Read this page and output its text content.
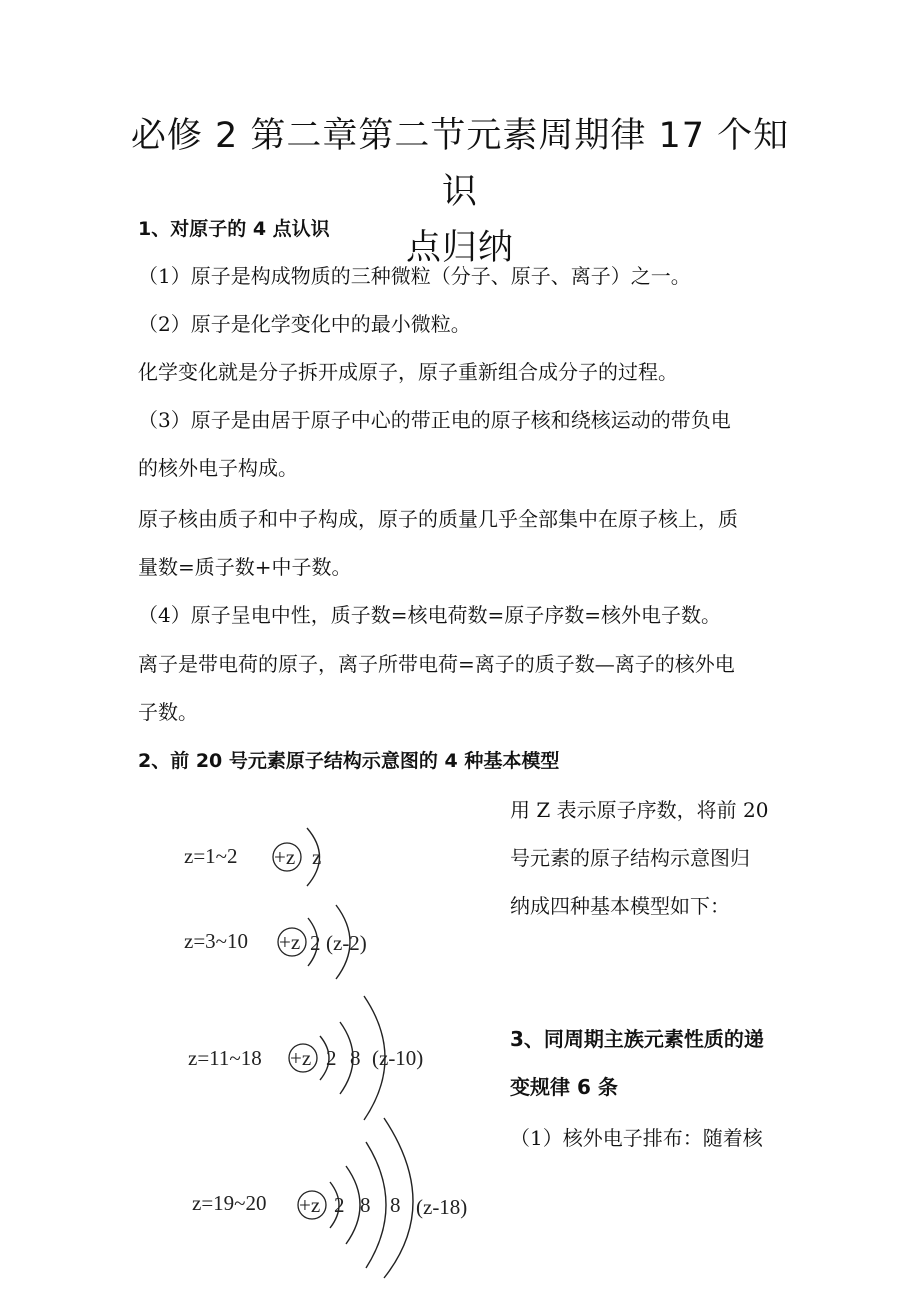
必修 2 第二章第二节元素周期律 17 个知识
点归纳
1、对原子的 4 点认识
（1）原子是构成物质的三种微粒（分子、原子、离子）之一。
（2）原子是化学变化中的最小微粒。
化学变化就是分子拆开成原子，原子重新组合成分子的过程。
（3）原子是由居于原子中心的带正电的原子核和绕核运动的带负电
的核外电子构成。
原子核由质子和中子构成，原子的质量几乎全部集中在原子核上，质
量数=质子数+中子数。
（4）原子呈电中性，质子数=核电荷数=原子序数=核外电子数。
离子是带电荷的原子，离子所带电荷=离子的质子数—离子的核外电
子数。
2、前 20 号元素原子结构示意图的 4 种基本模型
用 Z 表示原子序数，将前 20
号元素的原子结构示意图归
纳成四种基本模型如下：
3、同周期主族元素性质的递
变规律 6 条
（1）核外电子排布：随着核
z=1~2 +z z
z=3~10 +z 2 (z-2)
z=11~18 +z 2 8 (z-10)
z=19~20 +z 2 8 8 (z-18)
